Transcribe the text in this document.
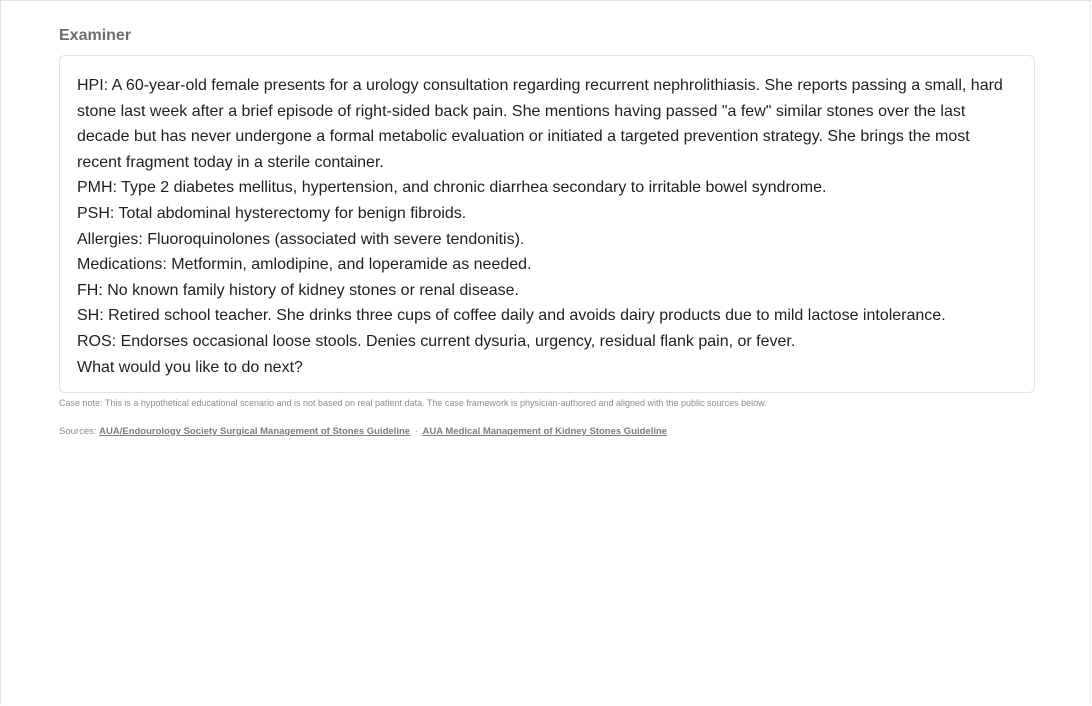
Examiner

HPI: A 60-year-old female presents for a urology consultation regarding recurrent nephrolithiasis. She reports passing a small, hard stone last week after a brief episode of right-sided back pain. She mentions having passed "a few" similar stones over the last decade but has never undergone a formal metabolic evaluation or initiated a targeted prevention strategy. She brings the most recent fragment today in a sterile container.

PMH: Type 2 diabetes mellitus, hypertension, and chronic diarrhea secondary to irritable bowel syndrome.

PSH: Total abdominal hysterectomy for benign fibroids.

Allergies: Fluoroquinolones (associated with severe tendonitis).

Medications: Metformin, amlodipine, and loperamide as needed.

FH: No known family history of kidney stones or renal disease.

SH: Retired school teacher. She drinks three cups of coffee daily and avoids dairy products due to mild lactose intolerance.

ROS: Endorses occasional loose stools. Denies current dysuria, urgency, residual flank pain, or fever.

What would you like to do next?

Case note: This is a hypothetical educational scenario and is not based on real patient data. The case framework is physician-authored and aligned with the public sources below.

Sources: AUA/Endourology Society Surgical Management of Stones Guideline · AUA Medical Management of Kidney Stones Guideline
